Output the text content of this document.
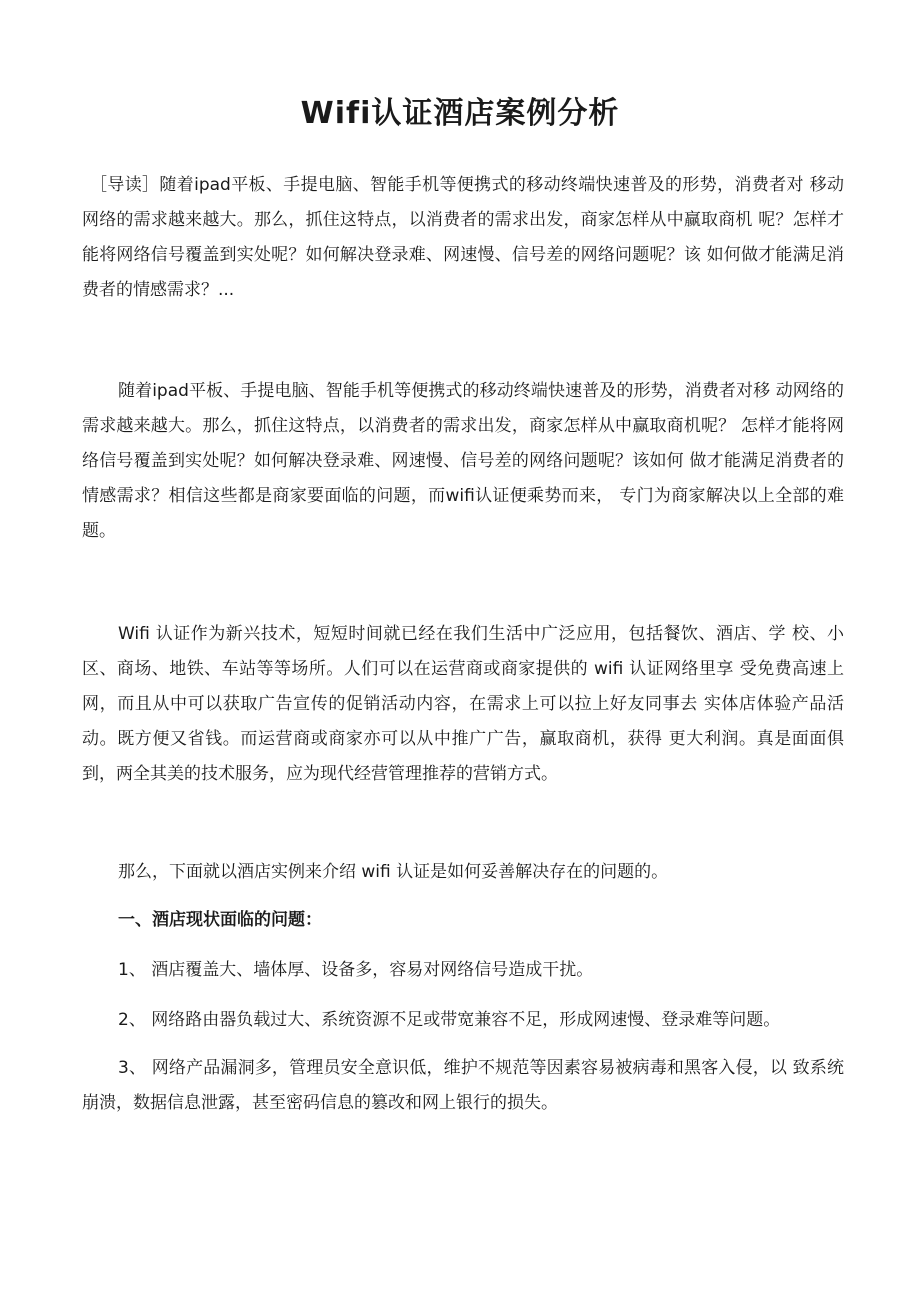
Wifi认证酒店案例分析

［导读］随着ipad平板、手提电脑、智能手机等便携式的移动终端快速普及的形势，消费者对 移动网络的需求越来越大。那么，抓住这特点，以消费者的需求出发，商家怎样从中赢取商机 呢？怎样才能将网络信号覆盖到实处呢？如何解决登录难、网速慢、信号差的网络问题呢？该 如何做才能满足消费者的情感需求？...

随着ipad平板、手提电脑、智能手机等便携式的移动终端快速普及的形势，消费者对移 动网络的需求越来越大。那么，抓住这特点，以消费者的需求出发，商家怎样从中赢取商机呢？ 怎样才能将网络信号覆盖到实处呢？如何解决登录难、网速慢、信号差的网络问题呢？该如何 做才能满足消费者的情感需求？相信这些都是商家要面临的问题，而wifi认证便乘势而来， 专门为商家解决以上全部的难题。

Wifi 认证作为新兴技术，短短时间就已经在我们生活中广泛应用，包括餐饮、酒店、学 校、小区、商场、地铁、车站等等场所。人们可以在运营商或商家提供的 wifi 认证网络里享 受免费高速上网，而且从中可以获取广告宣传的促销活动内容，在需求上可以拉上好友同事去 实体店体验产品活动。既方便又省钱。而运营商或商家亦可以从中推广广告，赢取商机，获得 更大利润。真是面面俱到，两全其美的技术服务，应为现代经营管理推荐的营销方式。

那么，下面就以酒店实例来介绍 wifi 认证是如何妥善解决存在的问题的。

一、酒店现状面临的问题：

1、 酒店覆盖大、墙体厚、设备多，容易对网络信号造成干扰。

2、 网络路由器负载过大、系统资源不足或带宽兼容不足，形成网速慢、登录难等问题。

3、 网络产品漏洞多，管理员安全意识低，维护不规范等因素容易被病毒和黑客入侵，以 致系统崩溃，数据信息泄露，甚至密码信息的篡改和网上银行的损失。
